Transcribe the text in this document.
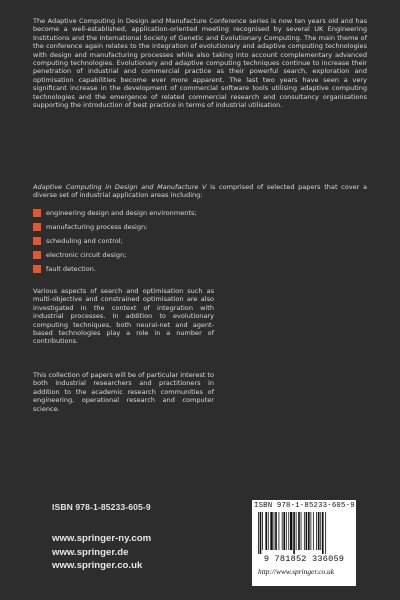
The Adaptive Computing in Design and Manufacture Conference series is now ten years old and has become a well-established, application-oriented meeting recognised by several UK Engineering Institutions and the International Society of Genetic and Evolutionary Computing. The main theme of the conference again relates to the integration of evolutionary and adaptive computing technologies with design and manufacturing processes while also taking into account complementary advanced computing technologies. Evolutionary and adaptive computing techniques continue to increase their penetration of industrial and commercial practice as their powerful search, exploration and optimisation capabilities become ever more apparent. The last two years have seen a very significant increase in the development of commercial software tools utilising adaptive computing technologies and the emergence of related commercial research and consultancy organisations supporting the introduction of best practice in terms of industrial utilisation.

Adaptive Computing in Design and Manufacture V is comprised of selected papers that cover a diverse set of industrial application areas including:

engineering design and design environments;
manufacturing process design;
scheduling and control;
electronic circuit design;
fault detection.

Various aspects of search and optimisation such as multi-objective and constrained optimisation are also investigated in the context of integration with industrial processes. In addition to evolutionary computing techniques, both neural-net and agent-based technologies play a role in a number of contributions.

This collection of papers will be of particular interest to both industrial researchers and practitioners in addition to the academic research communities of engineering, operational research and computer science.

ISBN 978-1-85233-605-9
www.springer-ny.com
www.springer.de
www.springer.co.uk
ISBN 978-1-85233-605-9
9 781852 336059
http://www.springer.co.uk
